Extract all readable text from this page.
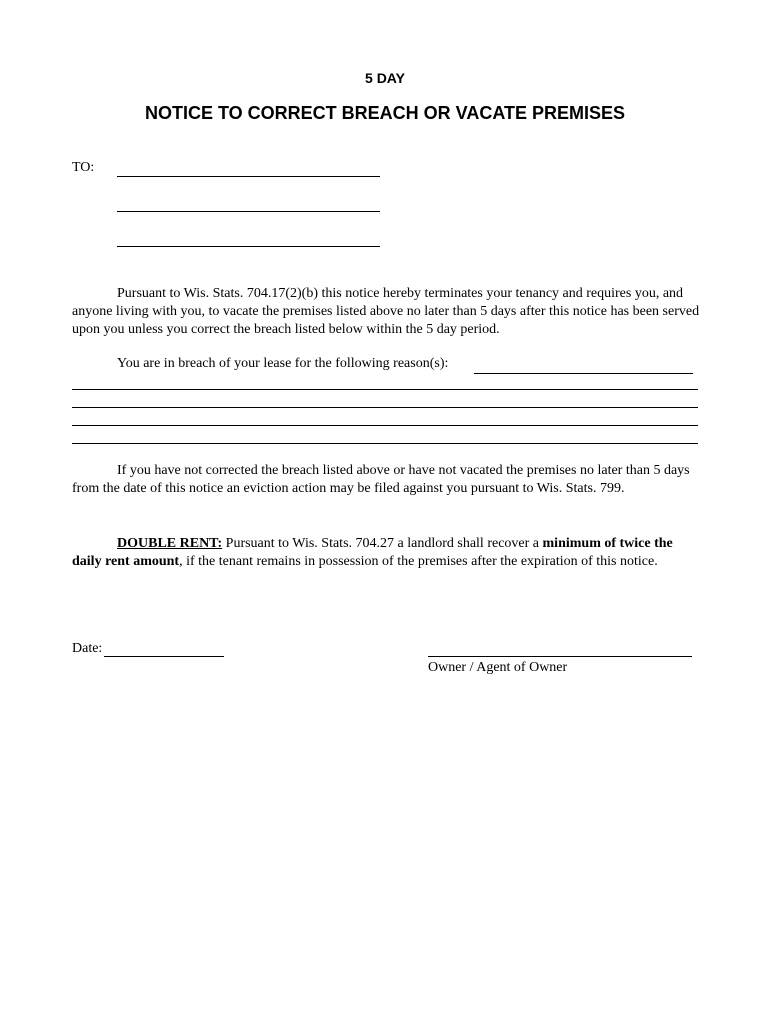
5 DAY
NOTICE TO CORRECT BREACH OR VACATE PREMISES
TO:

Pursuant to Wis. Stats. 704.17(2)(b) this notice hereby terminates your tenancy and requires you, and anyone living with you, to vacate the premises listed above no later than 5 days after this notice has been served upon you unless you correct the breach listed below within the 5 day period.

You are in breach of your lease for the following reason(s):

If you have not corrected the breach listed above or have not vacated the premises no later than 5 days from the date of this notice an eviction action may be filed against you pursuant to Wis. Stats. 799.

DOUBLE RENT: Pursuant to Wis. Stats. 704.27 a landlord shall recover a minimum of twice the daily rent amount, if the tenant remains in possession of the premises after the expiration of this notice.

Date:
Owner / Agent of Owner
